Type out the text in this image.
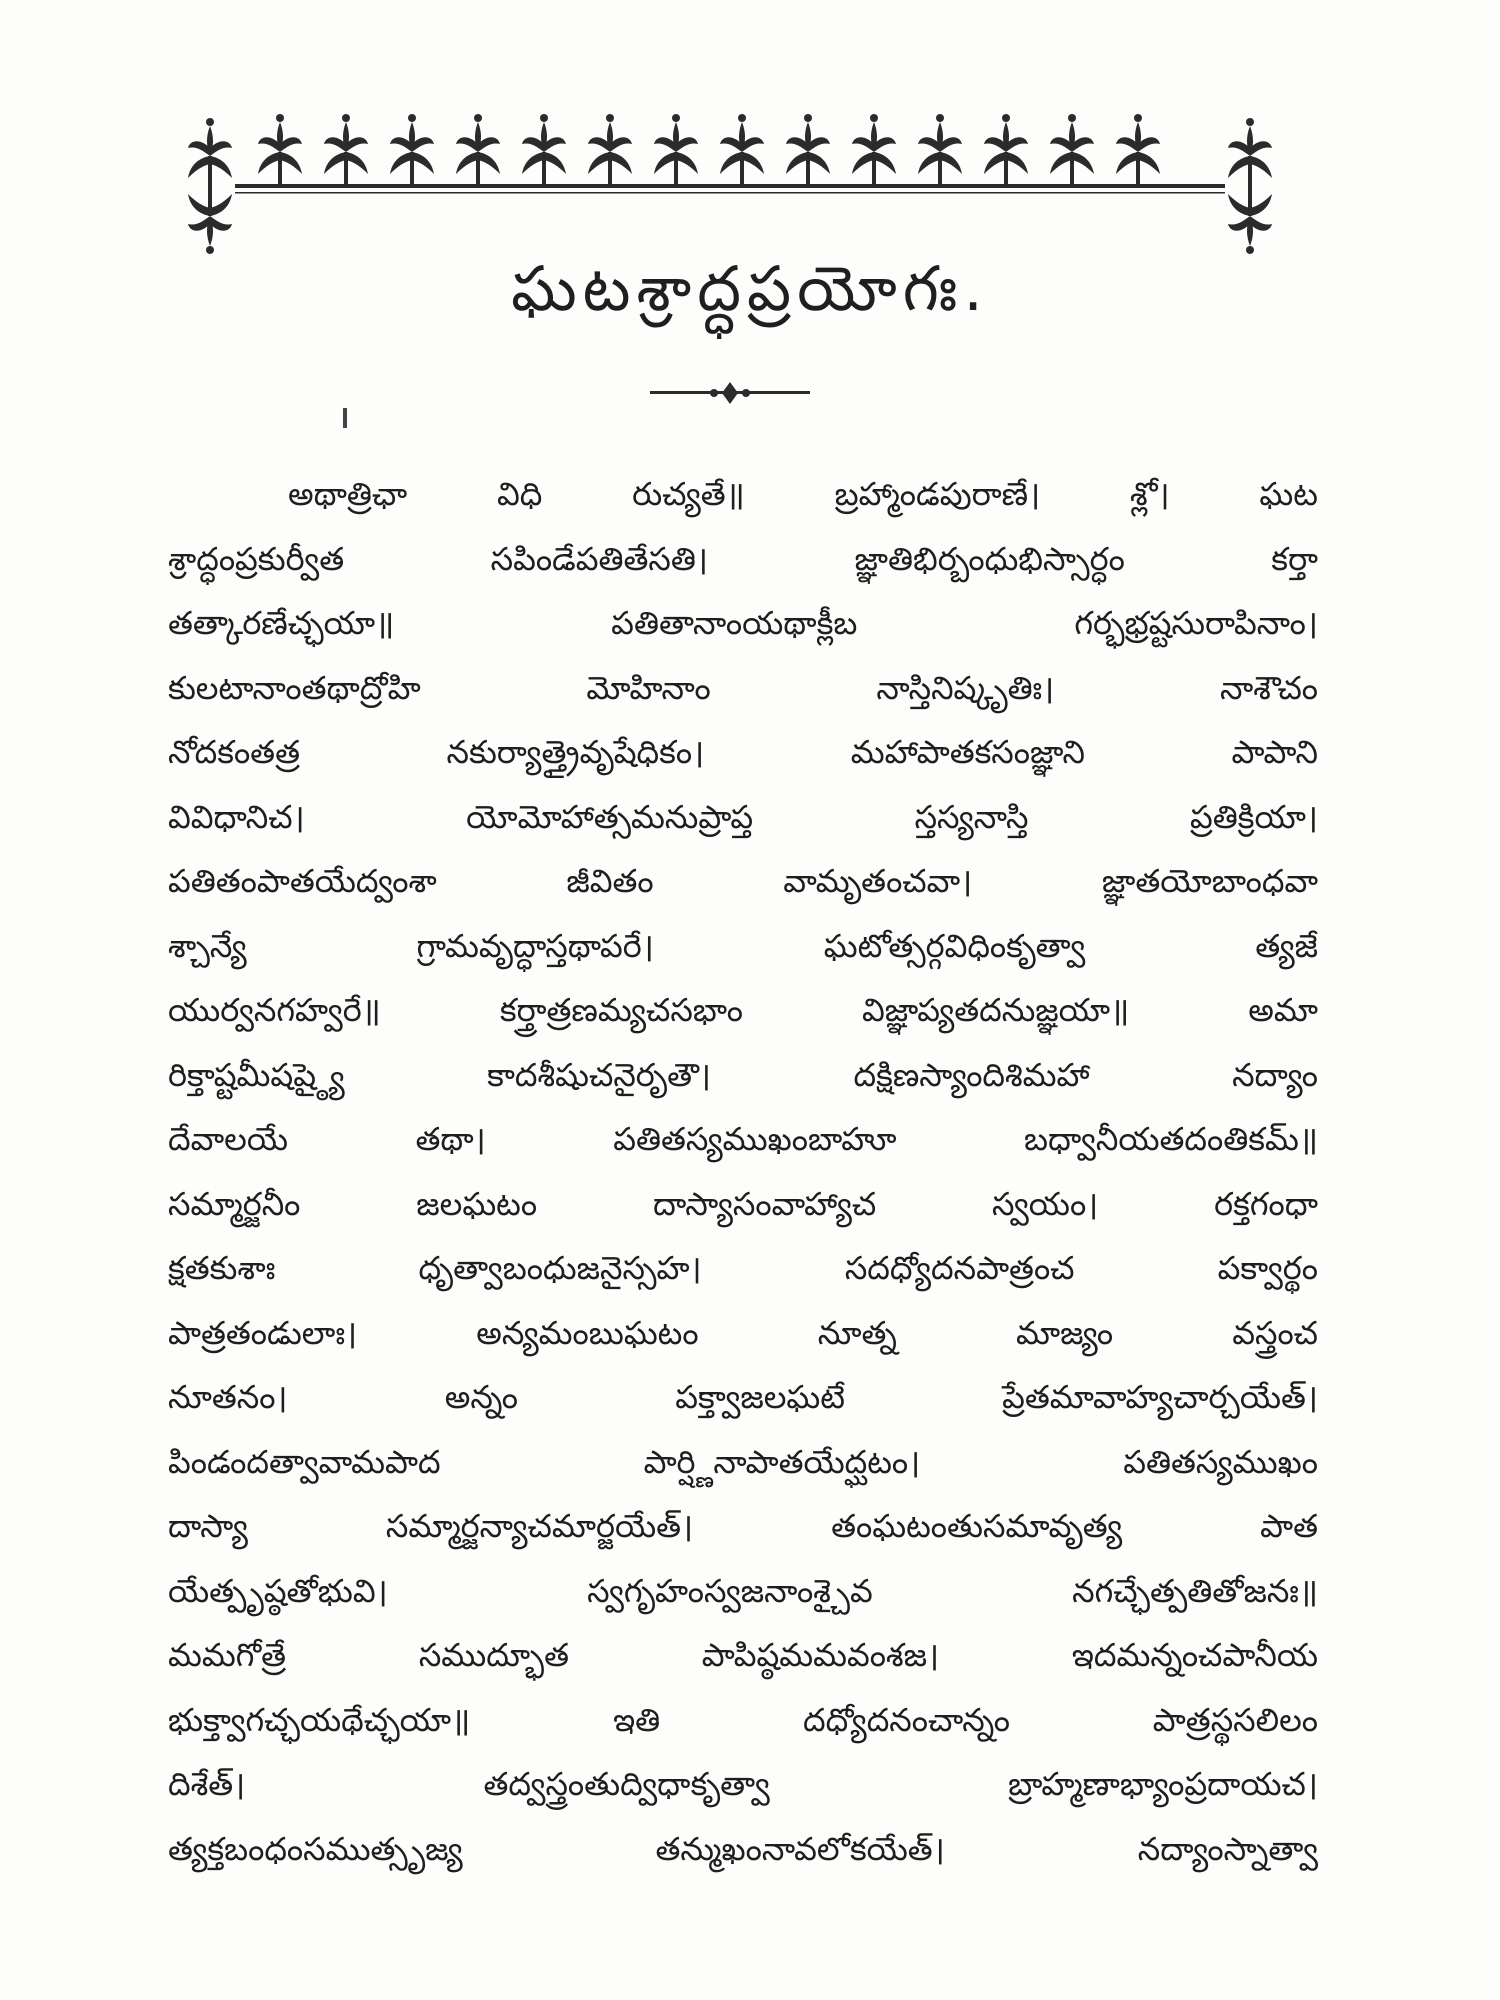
ఘటశ్రాద్ధప్రయోగః.
అథాత్రిఛా విధి రుచ్యతే॥ బ్రహ్మాండపురాణే। శ్లో। ఘట
శ్రాద్ధంప్రకుర్వీత సపిండేపతితేసతి। జ్ఞాతిభిర్బంధుభిస్సార్ధం కర్తా
తత్కారణేచ్ఛయా॥ పతితానాంయథాక్లీబ గర్భభ్రష్టసురాపినాం।
కులటానాంతథాద్రోహి మోహినాం నాస్తినిష్కృతిః। నాశౌచం
నోదకంతత్ర నకుర్యాత్త్రైవృషేధికం। మహాపాతకసంజ్ఞాని పాపాని
వివిధానిచ। యోమోహాత్సమనుప్రాప్త స్తస్యనాస్తి ప్రతిక్రియా।
పతితంపాతయేద్వంశా జీవితం వామృతంచవా। జ్ఞాతయోబాంధవా
శ్చాన్యే గ్రామవృద్ధాస్తథాపరే। ఘటోత్సర్గవిధింకృత్వా త్యజే
యుర్వనగహ్వరే॥ కర్త్రాత్రణమ్యచసభాం విజ్ఞాప్యతదనుజ్ఞయా॥ అమా
రిక్తాష్టమీషష్ఠ్యై కాదశీషుచనైరృతౌ। దక్షిణస్యాందిశిమహా నద్యాం
దేవాలయే తథా। పతితస్యముఖంబాహూ బధ్వానీయతదంతికమ్॥
సమ్మార్జనీం జలఘటం దాస్యాసంవాహ్యాచ స్వయం। రక్తగంధా
క్షతకుశాః ధృత్వాబంధుజనైస్సహ। సదధ్యోదనపాత్రంచ పక్వార్థం
పాత్రతండులాః। అన్యమంబుఘటం నూత్న మాజ్యం వస్త్రంచ
నూతనం। అన్నం పక్త్వాజలఘటే ప్రేతమావాహ్యచార్చయేత్।
పిండందత్వావామపాద పార్ష్ణినాపాతయేద్ఘటం। పతితస్యముఖం
దాస్యా సమ్మార్జన్యాచమార్జయేత్। తంఘటంతుసమావృత్య పాత
యేత్పృష్ఠతోభువి। స్వగృహంస్వజనాంశ్చైవ నగచ్ఛేత్పతితోజనః॥
మమగోత్రే సముద్భూత పాపిష్ఠమమవంశజ। ఇదమన్నంచపానీయ
భుక్త్వాగచ్ఛయథేచ్ఛయా॥ ఇతి దధ్యోదనంచాన్నం పాత్రస్థసలిలం
దిశేత్। తద్వస్త్రంతుద్విధాకృత్వా బ్రాహ్మణాభ్యాంప్రదాయచ।
త్యక్తబంధంసముత్సృజ్య తన్ముఖంనావలోకయేత్। నద్యాంస్నాత్వా
